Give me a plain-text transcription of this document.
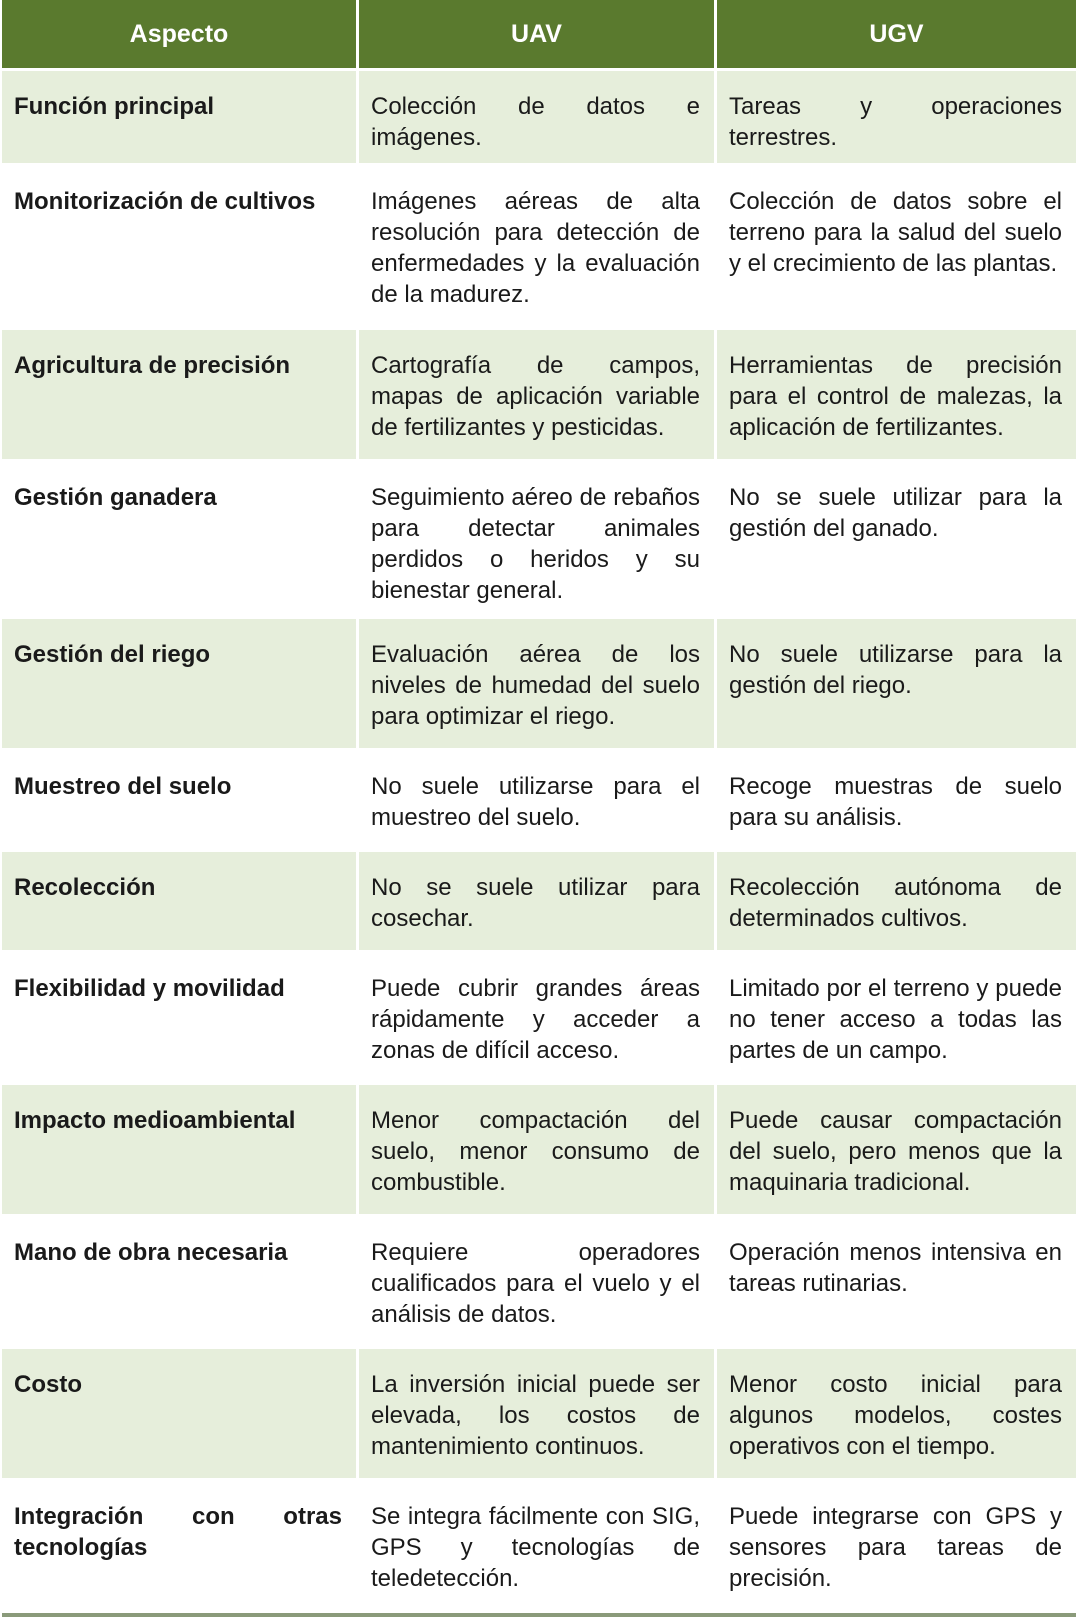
Aspecto	UAV	UGV
Función principal	Colección de datos e imágenes.	Tareas y operaciones terrestres.
Monitorización de cultivos	Imágenes aéreas de alta resolución para detección de enfermedades y la evaluación de la madurez.	Colección de datos sobre el terreno para la salud del suelo y el crecimiento de las plantas.
Agricultura de precisión	Cartografía de campos, mapas de aplicación variable de fertilizantes y pesticidas.	Herramientas de precisión para el control de malezas, la aplicación de fertilizantes.
Gestión ganadera	Seguimiento aéreo de rebaños para detectar animales perdidos o heridos y su bienestar general.	No se suele utilizar para la gestión del ganado.
Gestión del riego	Evaluación aérea de los niveles de humedad del suelo para optimizar el riego.	No suele utilizarse para la gestión del riego.
Muestreo del suelo	No suele utilizarse para el muestreo del suelo.	Recoge muestras de suelo para su análisis.
Recolección	No se suele utilizar para cosechar.	Recolección autónoma de determinados cultivos.
Flexibilidad y movilidad	Puede cubrir grandes áreas rápidamente y acceder a zonas de difícil acceso.	Limitado por el terreno y puede no tener acceso a todas las partes de un campo.
Impacto medioambiental	Menor compactación del suelo, menor consumo de combustible.	Puede causar compactación del suelo, pero menos que la maquinaria tradicional.
Mano de obra necesaria	Requiere operadores cualificados para el vuelo y el análisis de datos.	Operación menos intensiva en tareas rutinarias.
Costo	La inversión inicial puede ser elevada, los costos de mantenimiento continuos.	Menor costo inicial para algunos modelos, costes operativos con el tiempo.
Integración con otras tecnologías	Se integra fácilmente con SIG, GPS y tecnologías de teledetección.	Puede integrarse con GPS y sensores para tareas de precisión.
